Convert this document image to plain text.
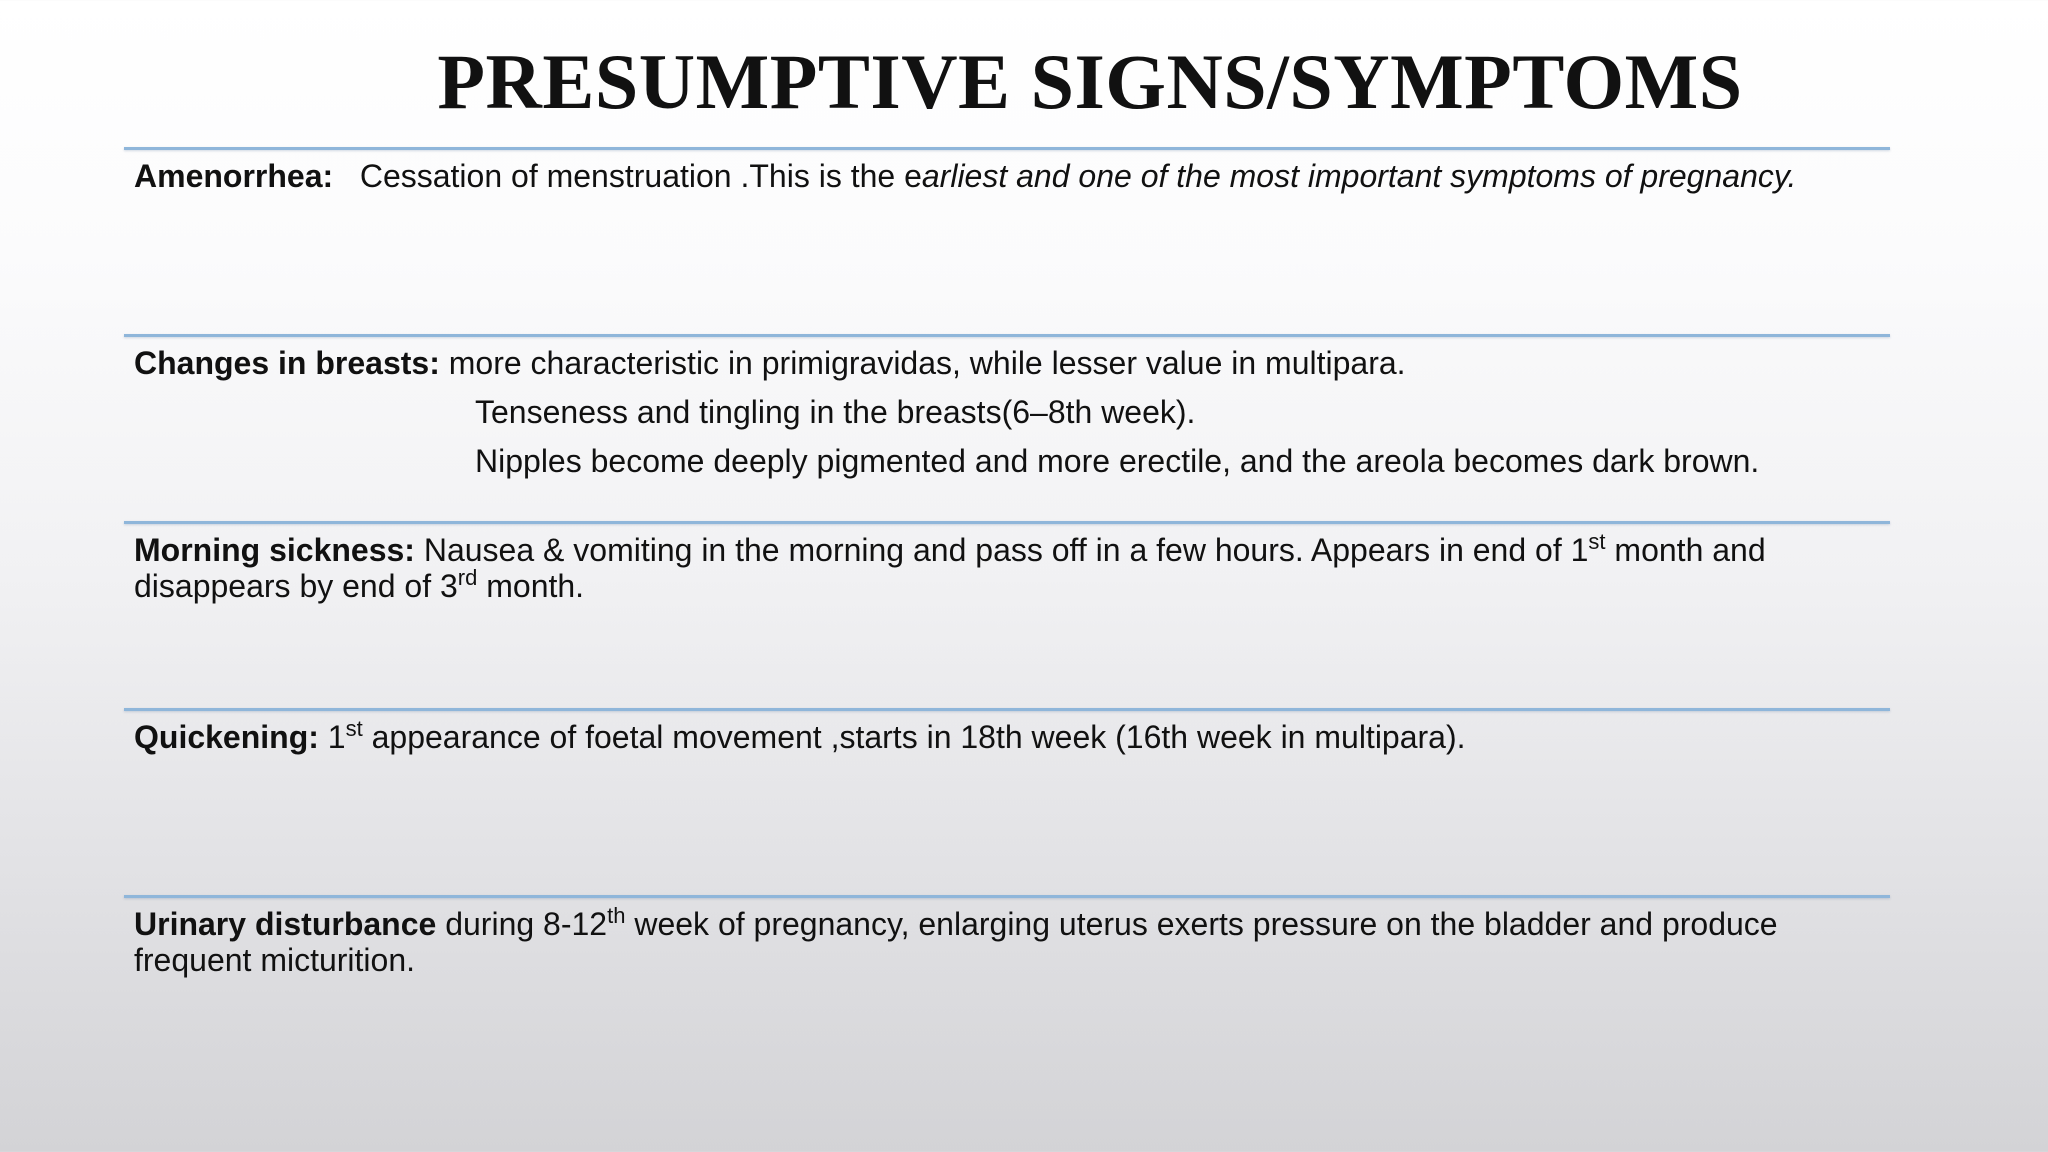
PRESUMPTIVE SIGNS/SYMPTOMS
Amenorrhea: Cessation of menstruation .This is the earliest and one of the most important symptoms of pregnancy.
Changes in breasts: more characteristic in primigravidas, while lesser value in multipara.
Tenseness and tingling in the breasts(6–8th week).
Nipples become deeply pigmented and more erectile, and the areola becomes dark brown.
Morning sickness: Nausea & vomiting in the morning and pass off in a few hours. Appears in end of 1st month and disappears by end of 3rd month.
Quickening: 1st appearance of foetal movement ,starts in 18th week (16th week in multipara).
Urinary disturbance during 8-12th week of pregnancy, enlarging uterus exerts pressure on the bladder and produce frequent micturition.
